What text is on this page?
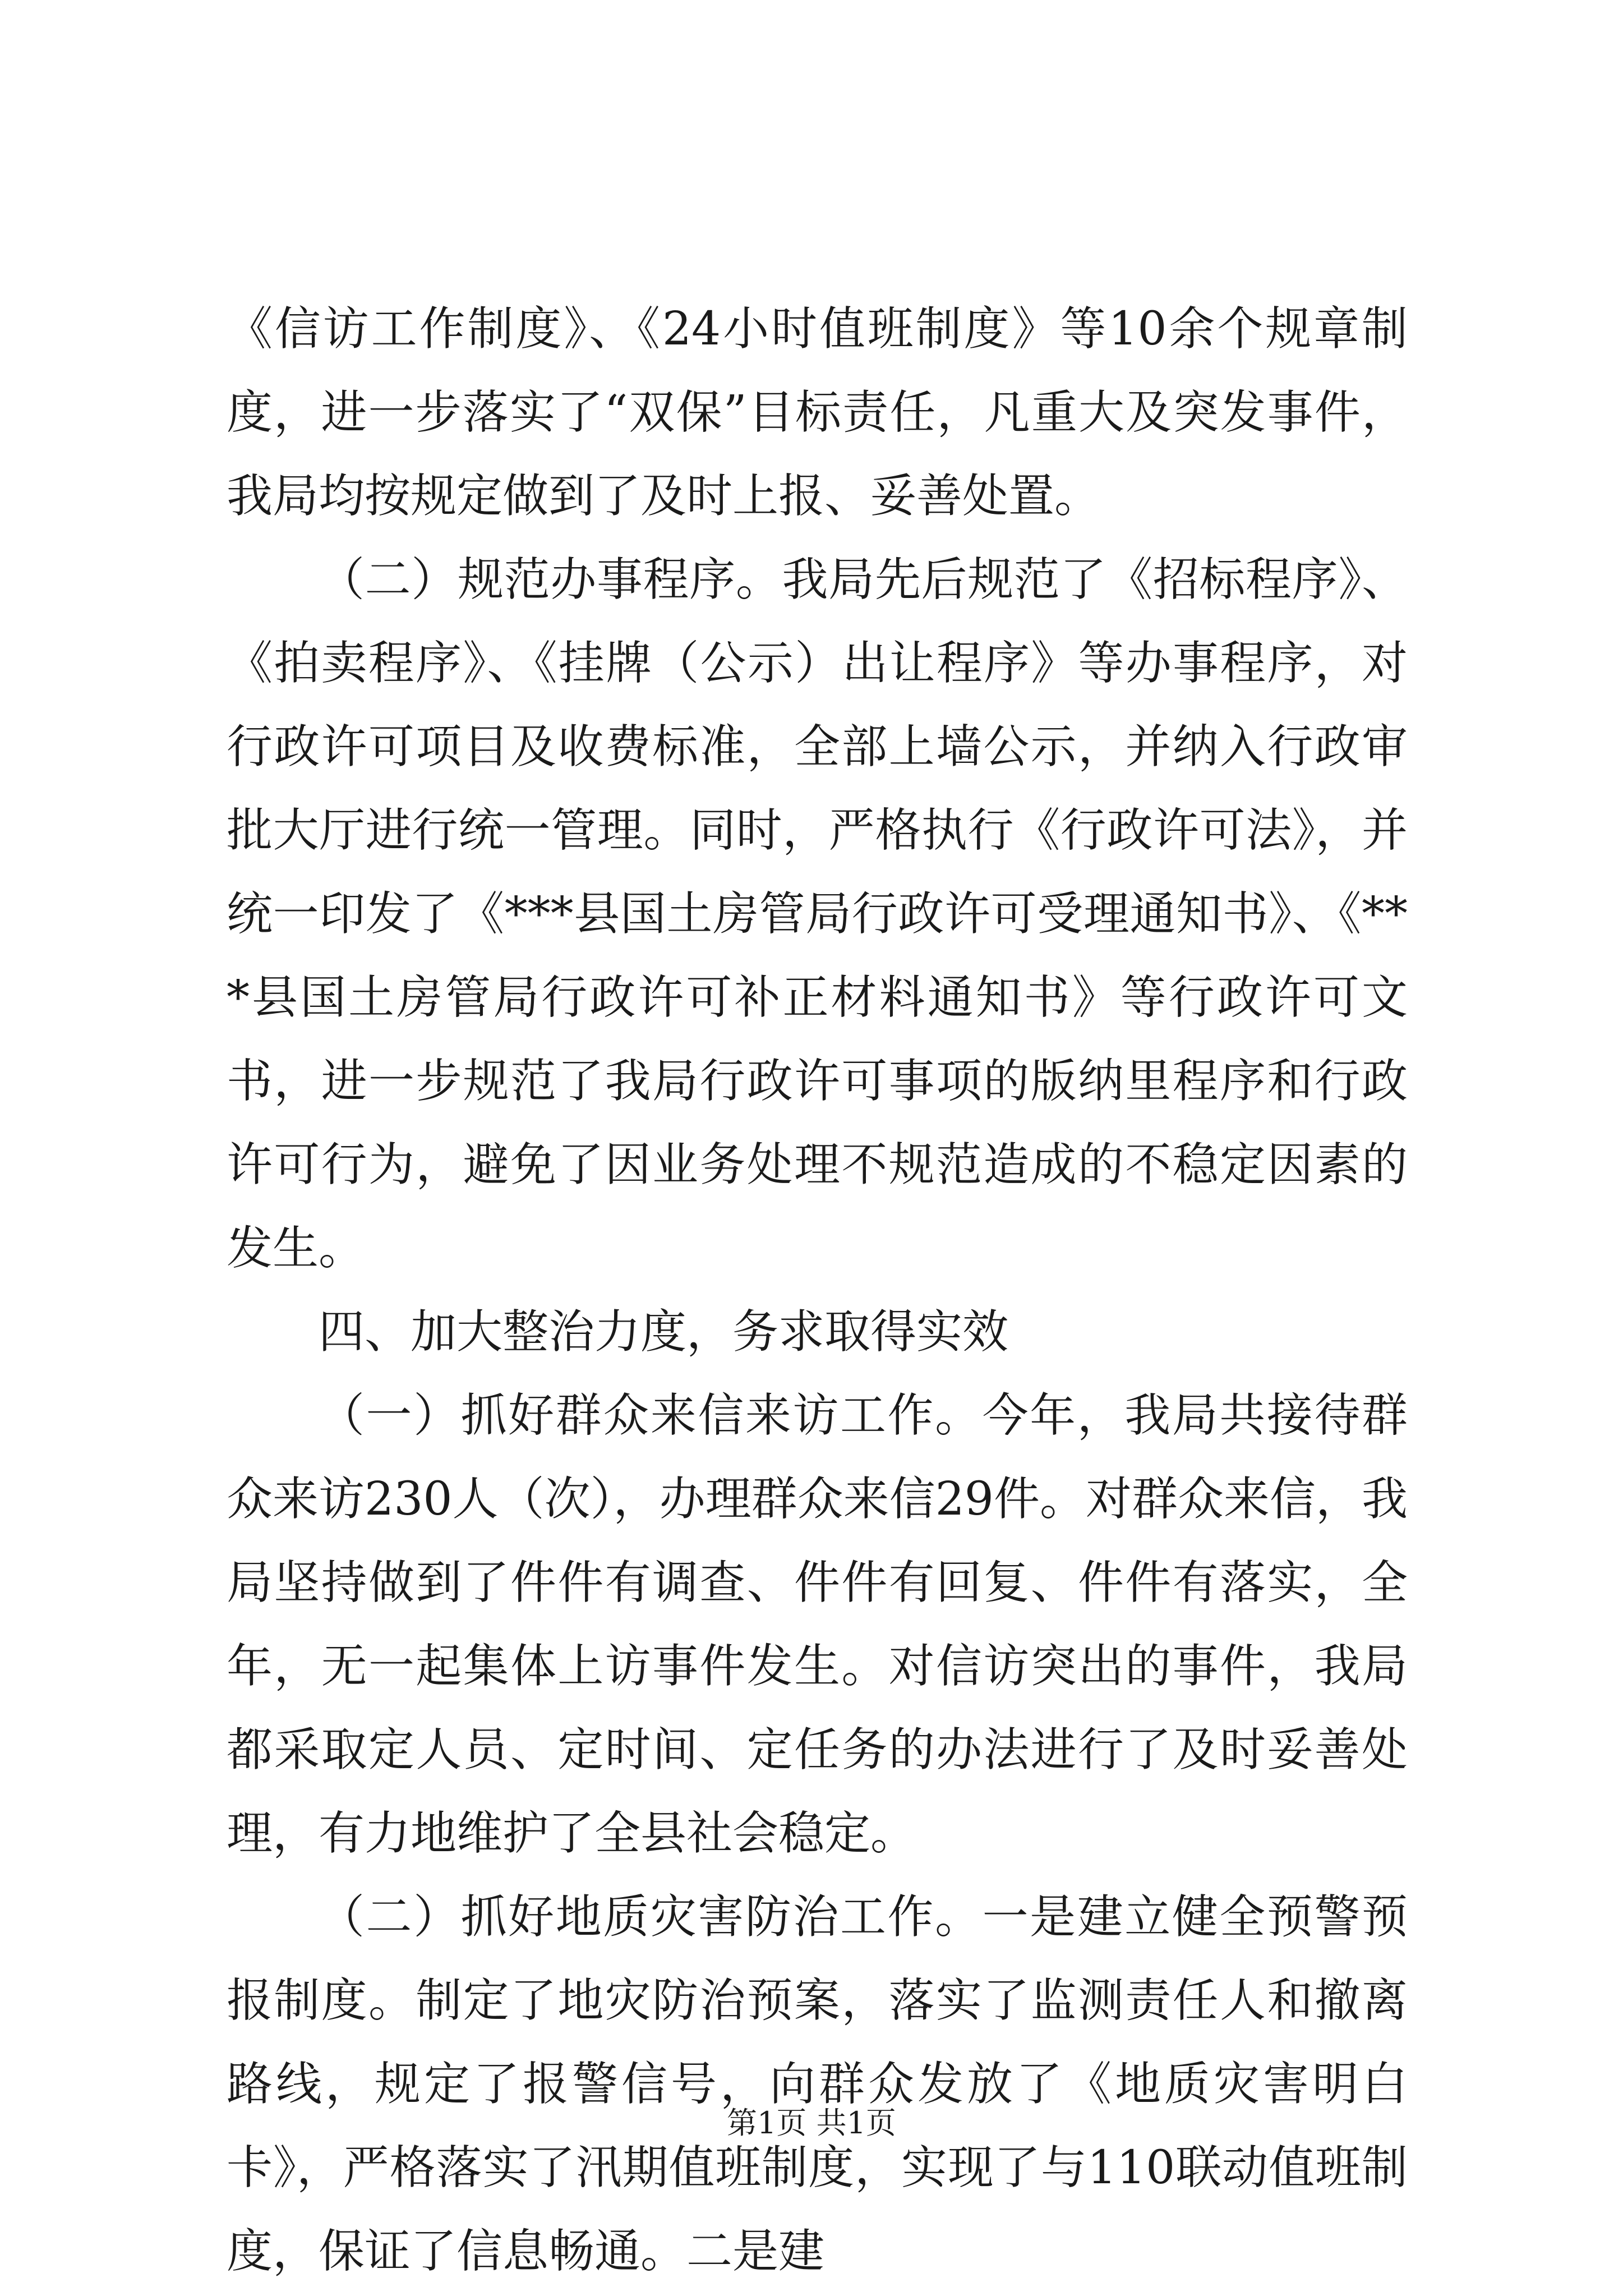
《信访工作制度》、《24小时值班制度》等10余个规章制度，进一步落实了“双保”目标责任，凡重大及突发事件，我局均按规定做到了及时上报、妥善处置。

（二）规范办事程序。我局先后规范了《招标程序》、《拍卖程序》、《挂牌（公示）出让程序》等办事程序，对行政许可项目及收费标准，全部上墙公示，并纳入行政审批大厅进行统一管理。同时，严格执行《行政许可法》，并统一印发了《***县国土房管局行政许可受理通知书》、《***县国土房管局行政许可补正材料通知书》等行政许可文书，进一步规范了我局行政许可事项的版纳里程序和行政许可行为，避免了因业务处理不规范造成的不稳定因素的发生。

四、加大整治力度，务求取得实效

（一）抓好群众来信来访工作。今年，我局共接待群众来访230人（次），办理群众来信29件。对群众来信，我局坚持做到了件件有调查、件件有回复、件件有落实，全年，无一起集体上访事件发生。对信访突出的事件，我局都采取定人员、定时间、定任务的办法进行了及时妥善处理，有力地维护了全县社会稳定。

（二）抓好地质灾害防治工作。一是建立健全预警预报制度。制定了地灾防治预案，落实了监测责任人和撤离路线，规定了报警信号，向群众发放了《地质灾害明白卡》，严格落实了汛期值班制度，实现了与110联动值班制度，保证了信息畅通。二是建

第1页 共1页
